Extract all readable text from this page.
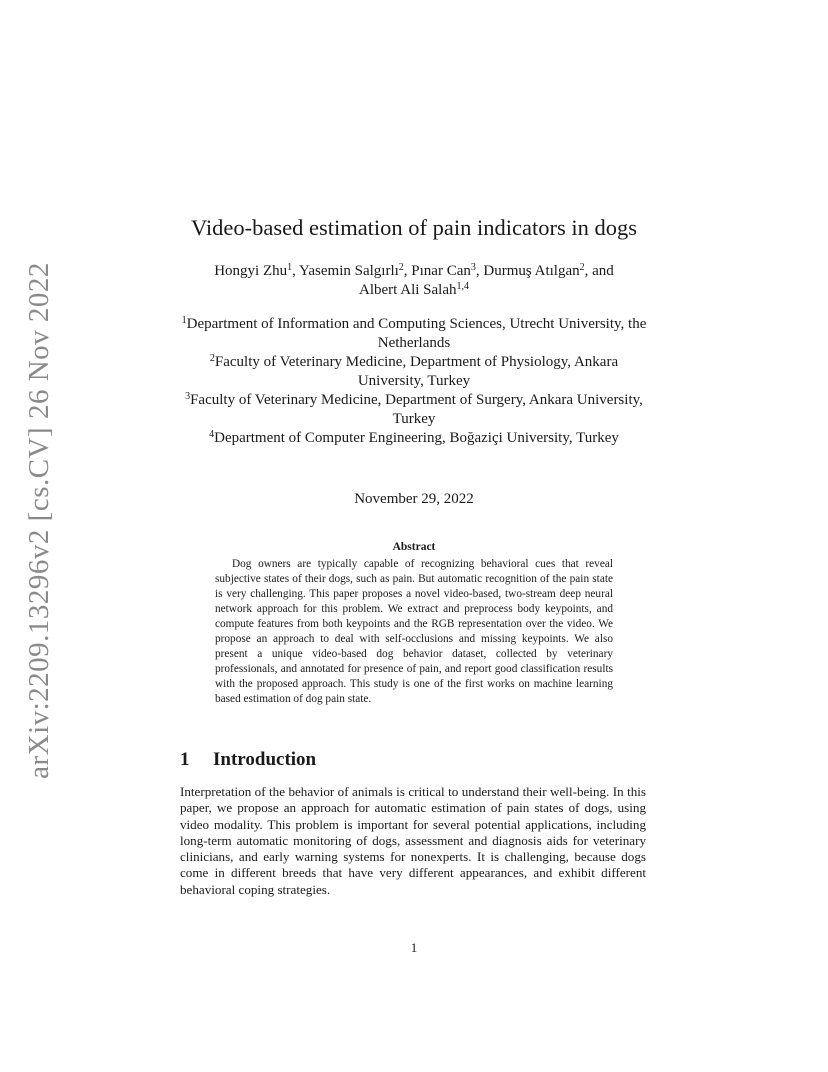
arXiv:2209.13296v2 [cs.CV] 26 Nov 2022
Video-based estimation of pain indicators in dogs
Hongyi Zhu$^1$, Yasemin Salgırlı$^2$, Pınar Can$^3$, Durmuş Atılgan$^2$, and
Albert Ali Salah$^{1,4}$
$^1$Department of Information and Computing Sciences, Utrecht University, the Netherlands
$^2$Faculty of Veterinary Medicine, Department of Physiology, Ankara University, Turkey
$^3$Faculty of Veterinary Medicine, Department of Surgery, Ankara University, Turkey
$^4$Department of Computer Engineering, Boğaziçi University, Turkey
November 29, 2022
Abstract
Dog owners are typically capable of recognizing behavioral cues that reveal subjective states of their dogs, such as pain. But automatic recognition of the pain state is very challenging. This paper proposes a novel video-based, two-stream deep neural network approach for this problem. We extract and preprocess body keypoints, and compute features from both keypoints and the RGB representation over the video. We propose an approach to deal with self-occlusions and missing keypoints. We also present a unique video-based dog behavior dataset, collected by veterinary professionals, and annotated for presence of pain, and report good classification results with the proposed approach. This study is one of the first works on machine learning based estimation of dog pain state.
1 Introduction
Interpretation of the behavior of animals is critical to understand their well-being. In this paper, we propose an approach for automatic estimation of pain states of dogs, using video modality. This problem is important for several potential applications, including long-term automatic monitoring of dogs, assessment and diagnosis aids for veterinary clinicians, and early warning systems for nonexperts. It is challenging, because dogs come in different breeds that have very different appearances, and exhibit different behavioral coping strategies.
1
